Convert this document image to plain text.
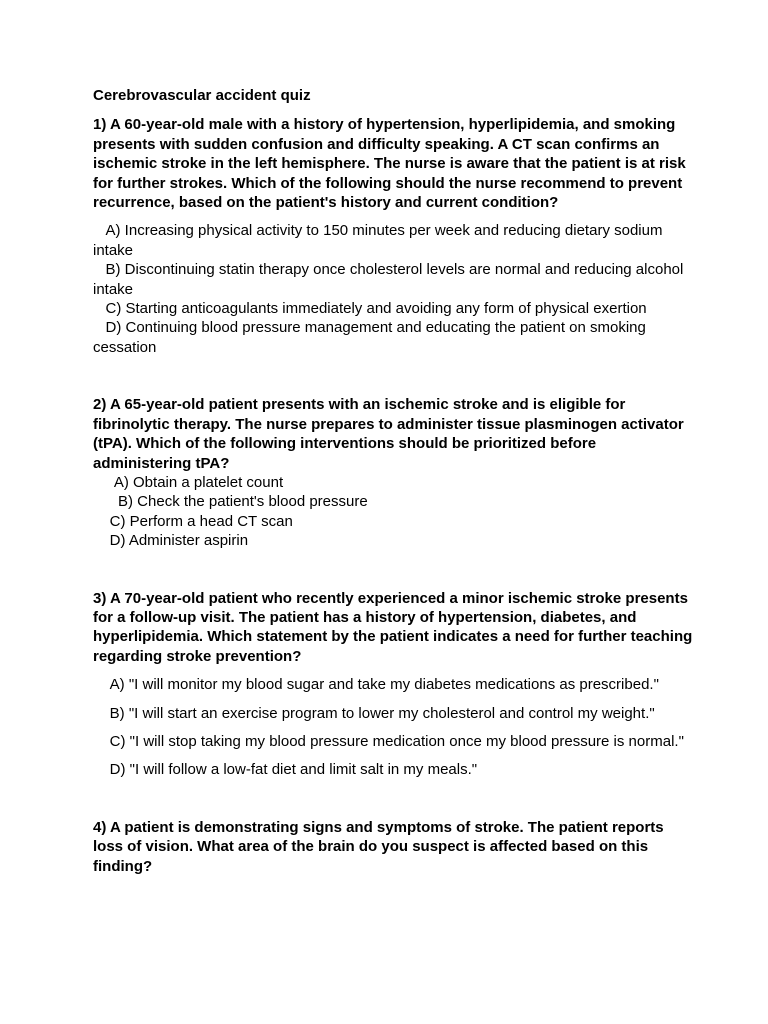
Cerebrovascular accident quiz

1) A 60-year-old male with a history of hypertension, hyperlipidemia, and smoking presents with sudden confusion and difficulty speaking. A CT scan confirms an ischemic stroke in the left hemisphere. The nurse is aware that the patient is at risk for further strokes. Which of the following should the nurse recommend to prevent recurrence, based on the patient's history and current condition?

A) Increasing physical activity to 150 minutes per week and reducing dietary sodium intake

B) Discontinuing statin therapy once cholesterol levels are normal and reducing alcohol intake

C) Starting anticoagulants immediately and avoiding any form of physical exertion

D) Continuing blood pressure management and educating the patient on smoking cessation

2) A 65-year-old patient presents with an ischemic stroke and is eligible for fibrinolytic therapy. The nurse prepares to administer tissue plasminogen activator (tPA). Which of the following interventions should be prioritized before administering tPA?

A) Obtain a platelet count

B) Check the patient's blood pressure

C) Perform a head CT scan

D) Administer aspirin

3) A 70-year-old patient who recently experienced a minor ischemic stroke presents for a follow-up visit. The patient has a history of hypertension, diabetes, and hyperlipidemia. Which statement by the patient indicates a need for further teaching regarding stroke prevention?

A) "I will monitor my blood sugar and take my diabetes medications as prescribed."

B) "I will start an exercise program to lower my cholesterol and control my weight."

C) "I will stop taking my blood pressure medication once my blood pressure is normal."

D) "I will follow a low-fat diet and limit salt in my meals."

4) A patient is demonstrating signs and symptoms of stroke. The patient reports loss of vision. What area of the brain do you suspect is affected based on this finding?
